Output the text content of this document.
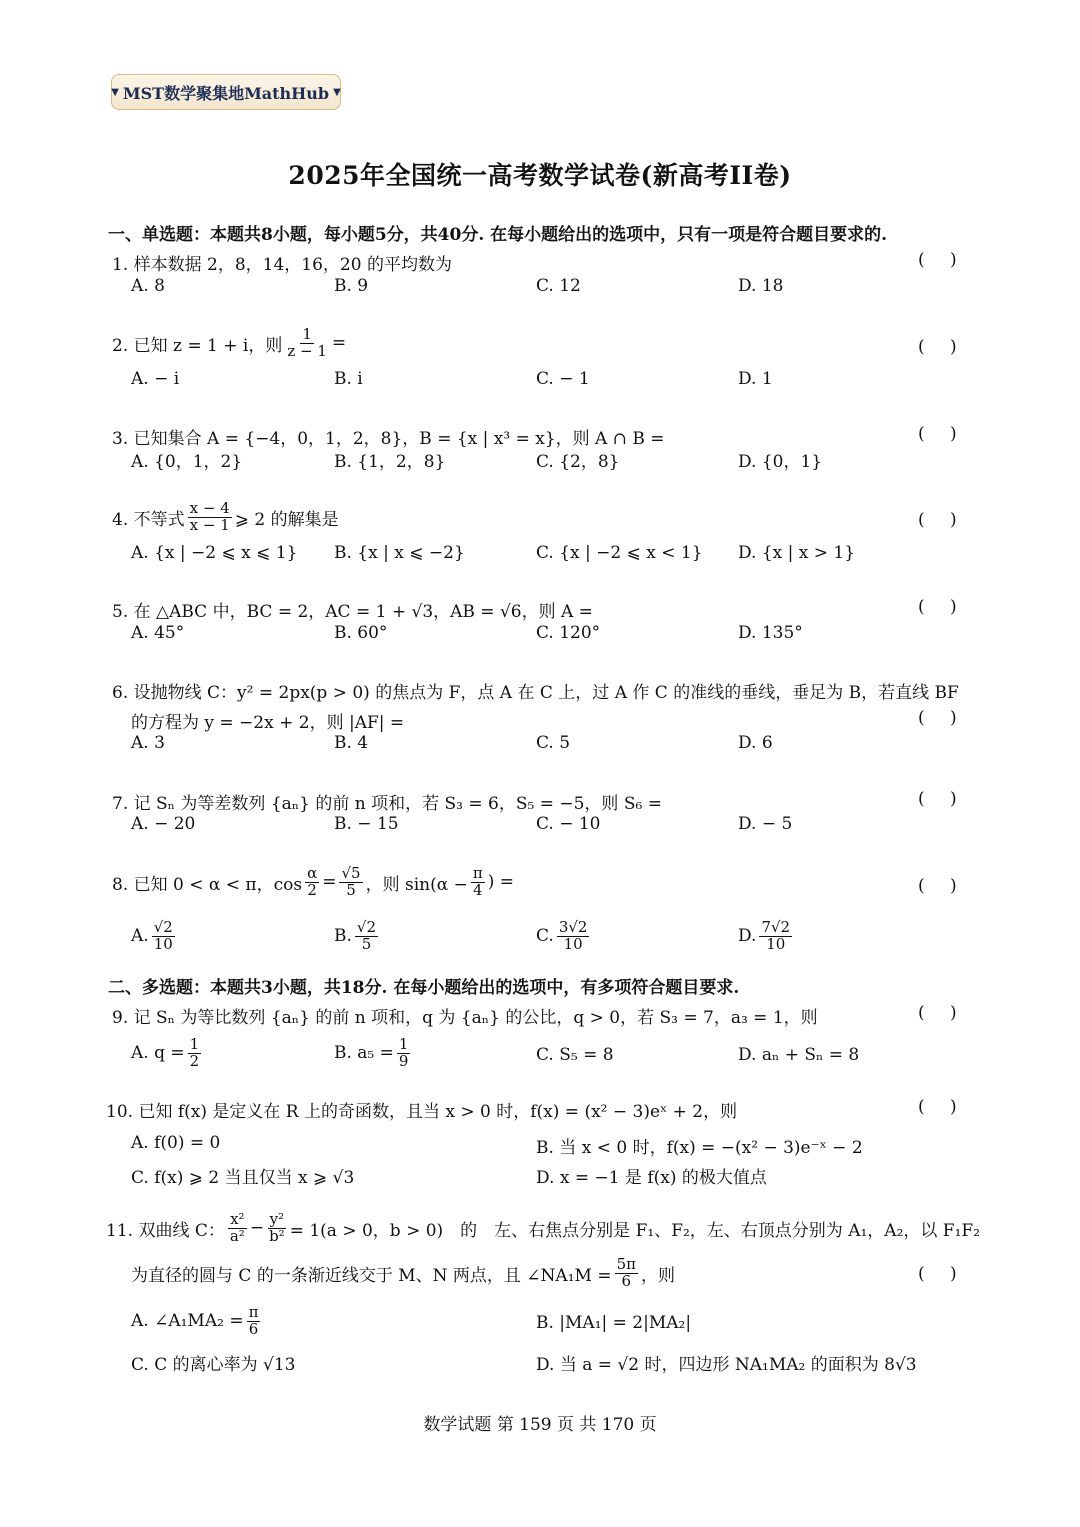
▼ MST数学聚集地MathHub ▼
2025年全国统一高考数学试卷(新高考II卷)
一、单选题：本题共8小题，每小题5分，共40分. 在每小题给出的选项中，只有一项是符合题目要求的.
1. 样本数据 2，8，14，16，20 的平均数为	( )
A. 8	B. 9	C. 12	D. 18
2. 已知 z = 1 + i，则 $\frac{1}{z - 1}$ =	( )
A. − i	B. i	C. − 1	D. 1
3. 已知集合 A = {−4，0，1，2，8}，B = {x | x³ = x}，则 A ∩ B =	( )
A. {0，1，2}	B. {1，2，8}	C. {2，8}	D. {0，1}
4. 不等式 $\frac{x - 4}{x - 1}$ ⩾ 2 的解集是	( )
A. {x | −2 ⩽ x ⩽ 1} B. {x | x ⩽ −2}	C. {x | −2 ⩽ x < 1} D. {x | x > 1}
5. 在 △ABC 中，BC = 2，AC = 1 + √3，AB = √6，则 A =	( )
A. 45°	B. 60°	C. 120°	D. 135°
6. 设抛物线 C：y² = 2px(p > 0) 的焦点为 F，点 A 在 C 上，过 A 作 C 的准线的垂线，垂足为 B，若直线 BF
的方程为 y = −2x + 2，则 |AF| =	( )
A. 3	B. 4	C. 5	D. 6
7. 记 Sₙ 为等差数列 {aₙ} 的前 n 项和，若 S₃ = 6，S₅ = −5，则 S₆ =	( )
A. − 20	B. − 15	C. − 10	D. − 5
8. 已知 0 < α < π，$\cos \frac{\alpha}{2} = \frac{√5}{5}$ ，则 $\sin(\alpha - \frac{\pi}{4}$ ) =	( )
A. $\frac{√2}{10}$	B. $\frac{√2}{5}$	C. $\frac{3√2}{10}$	D. $\frac{7√2}{10}$
二、多选题：本题共3小题，共18分. 在每小题给出的选项中，有多项符合题目要求.
9. 记 Sₙ 为等比数列 {aₙ} 的前 n 项和，q 为 {aₙ} 的公比，q > 0，若 S₃ = 7，a₃ = 1，则	( )
A. $q = \frac{1}{2}$	B. $a_5 = \frac{1}{9}$	C. S₅ = 8	D. aₙ + Sₙ = 8
10. 已知 f(x) 是定义在 R 上的奇函数，且当 x > 0 时，f(x) = (x² − 3)eˣ + 2，则	( )
A. f(0) = 0	B. 当 x < 0 时，f(x) = −(x² − 3)e⁻ˣ − 2
C. f(x) ⩾ 2 当且仅当 x ⩾ √3	D. x = −1 是 f(x) 的极大值点
11. 双曲线 C： $\frac{\text{x²}}{\text{a²}} - \frac{\text{y²}}{\text{b²}} = 1(a > 0$，b > 0)　的　左、右焦点分别是 F₁、F₂，左、右顶点分别为 A₁，A₂，以 F₁F₂
为直径的圆与 C 的一条渐近线交于 M、N 两点，且 ∠NA₁M = $\frac{5\pi}{6}$ ，则	( )
A. ∠A₁MA₂ = $\frac{\pi}{6}$	B. |MA₁| = 2|MA₂|
C. C 的离心率为 √13	D. 当 a = √2 时，四边形 NA₁MA₂ 的面积为 8√3
数学试题 第 159 页 共 170 页
